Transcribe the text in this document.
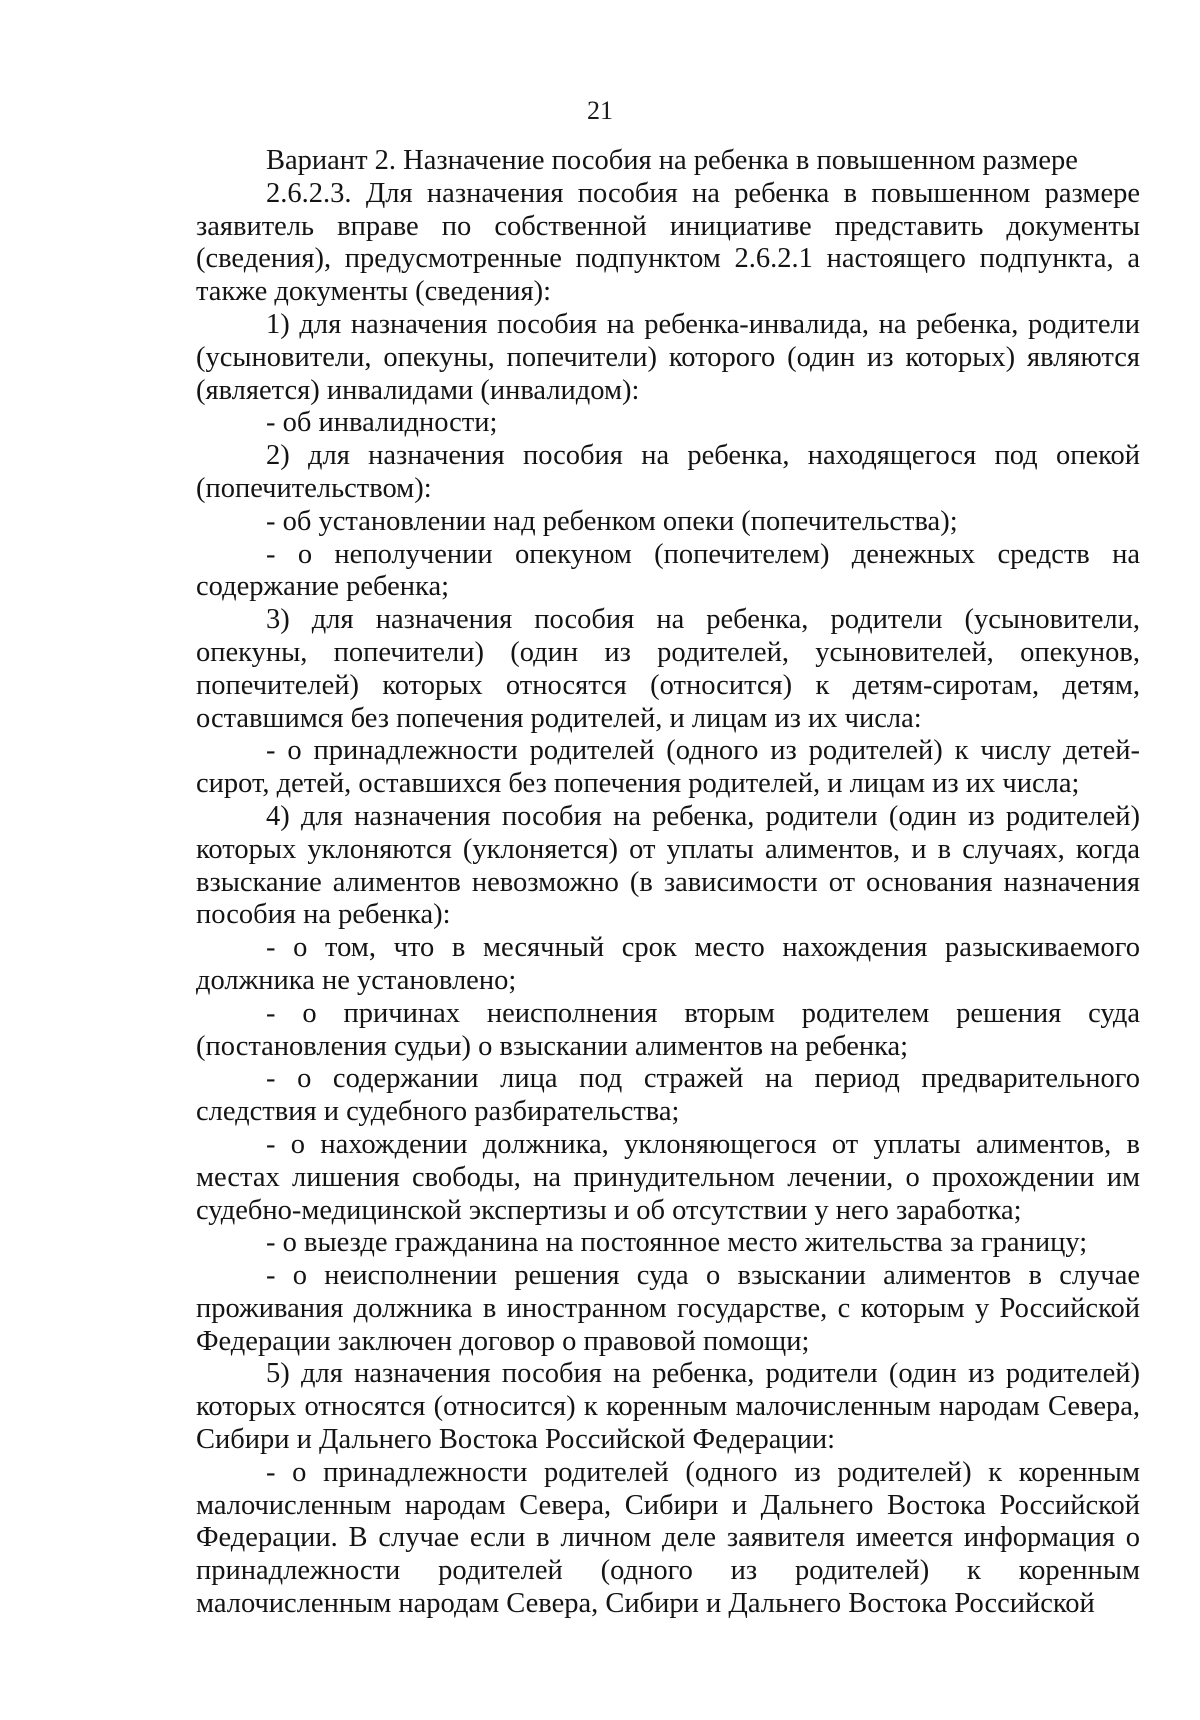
21

Вариант 2. Назначение пособия на ребенка в повышенном размере

2.6.2.3. Для назначения пособия на ребенка в повышенном размере заявитель вправе по собственной инициативе представить документы (сведения), предусмотренные подпунктом 2.6.2.1 настоящего подпункта, а также документы (сведения):

1) для назначения пособия на ребенка-инвалида, на ребенка, родители (усыновители, опекуны, попечители) которого (один из которых) являются (является) инвалидами (инвалидом):

- об инвалидности;

2) для назначения пособия на ребенка, находящегося под опекой (попечительством):

- об установлении над ребенком опеки (попечительства);

- о неполучении опекуном (попечителем) денежных средств на содержание ребенка;

3) для назначения пособия на ребенка, родители (усыновители, опекуны, попечители) (один из родителей, усыновителей, опекунов, попечителей) которых относятся (относится) к детям-сиротам, детям, оставшимся без попечения родителей, и лицам из их числа:

- о принадлежности родителей (одного из родителей) к числу детей-сирот, детей, оставшихся без попечения родителей, и лицам из их числа;

4) для назначения пособия на ребенка, родители (один из родителей) которых уклоняются (уклоняется) от уплаты алиментов, и в случаях, когда взыскание алиментов невозможно (в зависимости от основания назначения пособия на ребенка):

- о том, что в месячный срок место нахождения разыскиваемого должника не установлено;

- о причинах неисполнения вторым родителем решения суда (постановления судьи) о взыскании алиментов на ребенка;

- о содержании лица под стражей на период предварительного следствия и судебного разбирательства;

- о нахождении должника, уклоняющегося от уплаты алиментов, в местах лишения свободы, на принудительном лечении, о прохождении им судебно-медицинской экспертизы и об отсутствии у него заработка;

- о выезде гражданина на постоянное место жительства за границу;

- о неисполнении решения суда о взыскании алиментов в случае проживания должника в иностранном государстве, с которым у Российской Федерации заключен договор о правовой помощи;

5) для назначения пособия на ребенка, родители (один из родителей) которых относятся (относится) к коренным малочисленным народам Севера, Сибири и Дальнего Востока Российской Федерации:

- о принадлежности родителей (одного из родителей) к коренным малочисленным народам Севера, Сибири и Дальнего Востока Российской Федерации. В случае если в личном деле заявителя имеется информация о принадлежности родителей (одного из родителей) к коренным малочисленным народам Севера, Сибири и Дальнего Востока Российской
